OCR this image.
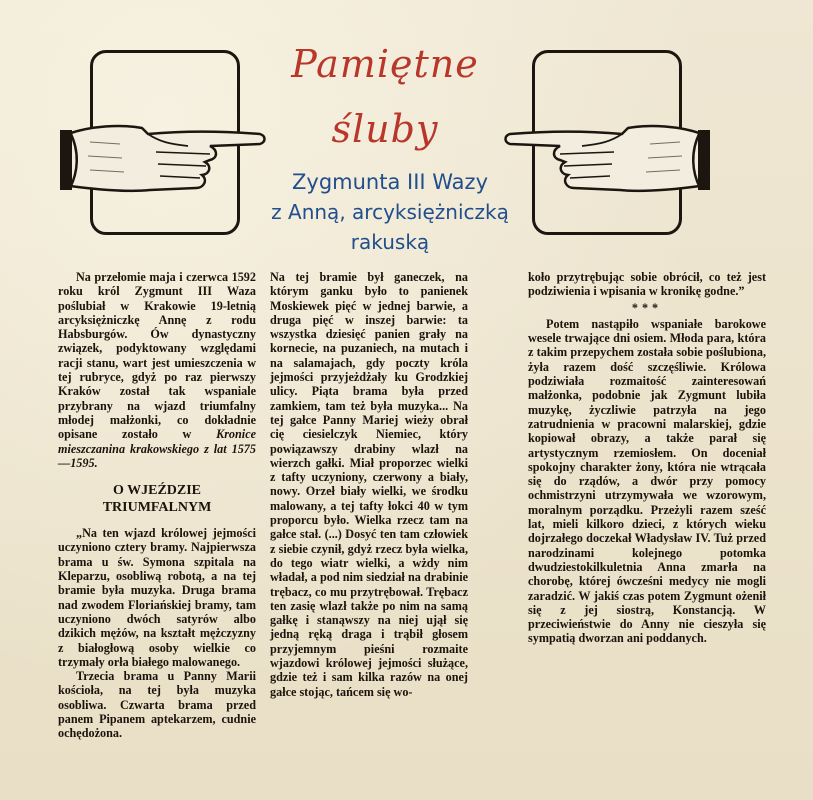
Pamiętne
śluby
Zygmunta III Wazy
z Anną, arcyksiężniczką
rakuską

Na przełomie maja i czerwca 1592 roku król Zygmunt III Waza poślubiał w Krakowie 19-letnią arcyksiężniczkę Annę z rodu Habsburgów. Ów dynastyczny związek, podyktowany względami racji stanu, wart jest umieszczenia w tej rubryce, gdyż po raz pierwszy Kraków został tak wspaniale przybrany na wjazd triumfalny młodej małżonki, co dokładnie opisane zostało w Kronice mieszczanina krakowskiego z lat 1575—1595.

O WJEŹDZIE TRIUMFALNYM

„Na ten wjazd królowej jejmości uczyniono cztery bramy. Najpierwsza brama u św. Symona szpitala na Kleparzu, osobliwą robotą, a na tej bramie była muzyka. Druga brama nad zwodem Floriańskiej bramy, tam uczyniono dwóch satyrów albo dzikich mężów, na kształt mężczyzny z białogłową osoby wielkie co trzymały orła białego malowanego.

Trzecia brama u Panny Marii kościoła, na tej była muzyka osobliwa. Czwarta brama przed panem Pipanem aptekarzem, cudnie ochędożona.

Na tej bramie był ganeczek, na którym ganku było to panienek Moskiewek pięć w jednej barwie, a druga pięć w inszej barwie: ta wszystka dziesięć panien grały na kornecie, na puzaniech, na mutach i na salamajach, gdy poczty króla jejmości przyjeżdżały ku Grodzkiej ulicy. Piąta brama była przed zamkiem, tam też była muzyka... Na tej gałce Panny Mariej wieży obrał cię ciesielczyk Niemiec, który powiązawszy drabiny wlazł na wierzch gałki. Miał proporzec wielki z tafty uczyniony, czerwony a biały, nowy. Orzeł biały wielki, we środku malowany, a tej tafty łokci 40 w tym proporcu było. Wielka rzecz tam na gałce stał. (...) Dosyć ten tam człowiek z siebie czynił, gdyż rzecz była wielka, do tego wiatr wielki, a wżdy nim władał, a pod nim siedział na drabinie trębacz, co mu przytrębował. Trębacz ten zasię wlazł także po nim na samą gałkę i stanąwszy na niej ujął się jedną ręką draga i trąbił głosem przyjemnym pieśni rozmaite wjazdowi królowej jejmości służące, gdzie też i sam kilka razów na onej gałce stojąc, tańcem się wo-

koło przytrębując sobie obrócił, co też jest podziwienia i wpisania w kronikę godne.”

***

Potem nastąpiło wspaniałe barokowe wesele trwające dni osiem. Młoda para, która z takim przepychem została sobie poślubiona, żyła razem dość szczęśliwie. Królowa podziwiała rozmaitość zainteresowań małżonka, podobnie jak Zygmunt lubiła muzykę, życzliwie patrzyła na jego zatrudnienia w pracowni malarskiej, gdzie kopiował obrazy, a także parał się artystycznym rzemiosłem. On doceniał spokojny charakter żony, która nie wtrącała się do rządów, a dwór przy pomocy ochmistrzyni utrzymywała we wzorowym, moralnym porządku. Przeżyli razem sześć lat, mieli kilkoro dzieci, z których wieku dojrzałego doczekał Władysław IV. Tuż przed narodzinami kolejnego potomka dwudziestokilkuletnia Anna zmarła na chorobę, której ówcześni medycy nie mogli zaradzić. W jakiś czas potem Zygmunt ożenił się z jej siostrą, Konstancją. W przeciwieństwie do Anny nie cieszyła się sympatią dworzan ani poddanych.
